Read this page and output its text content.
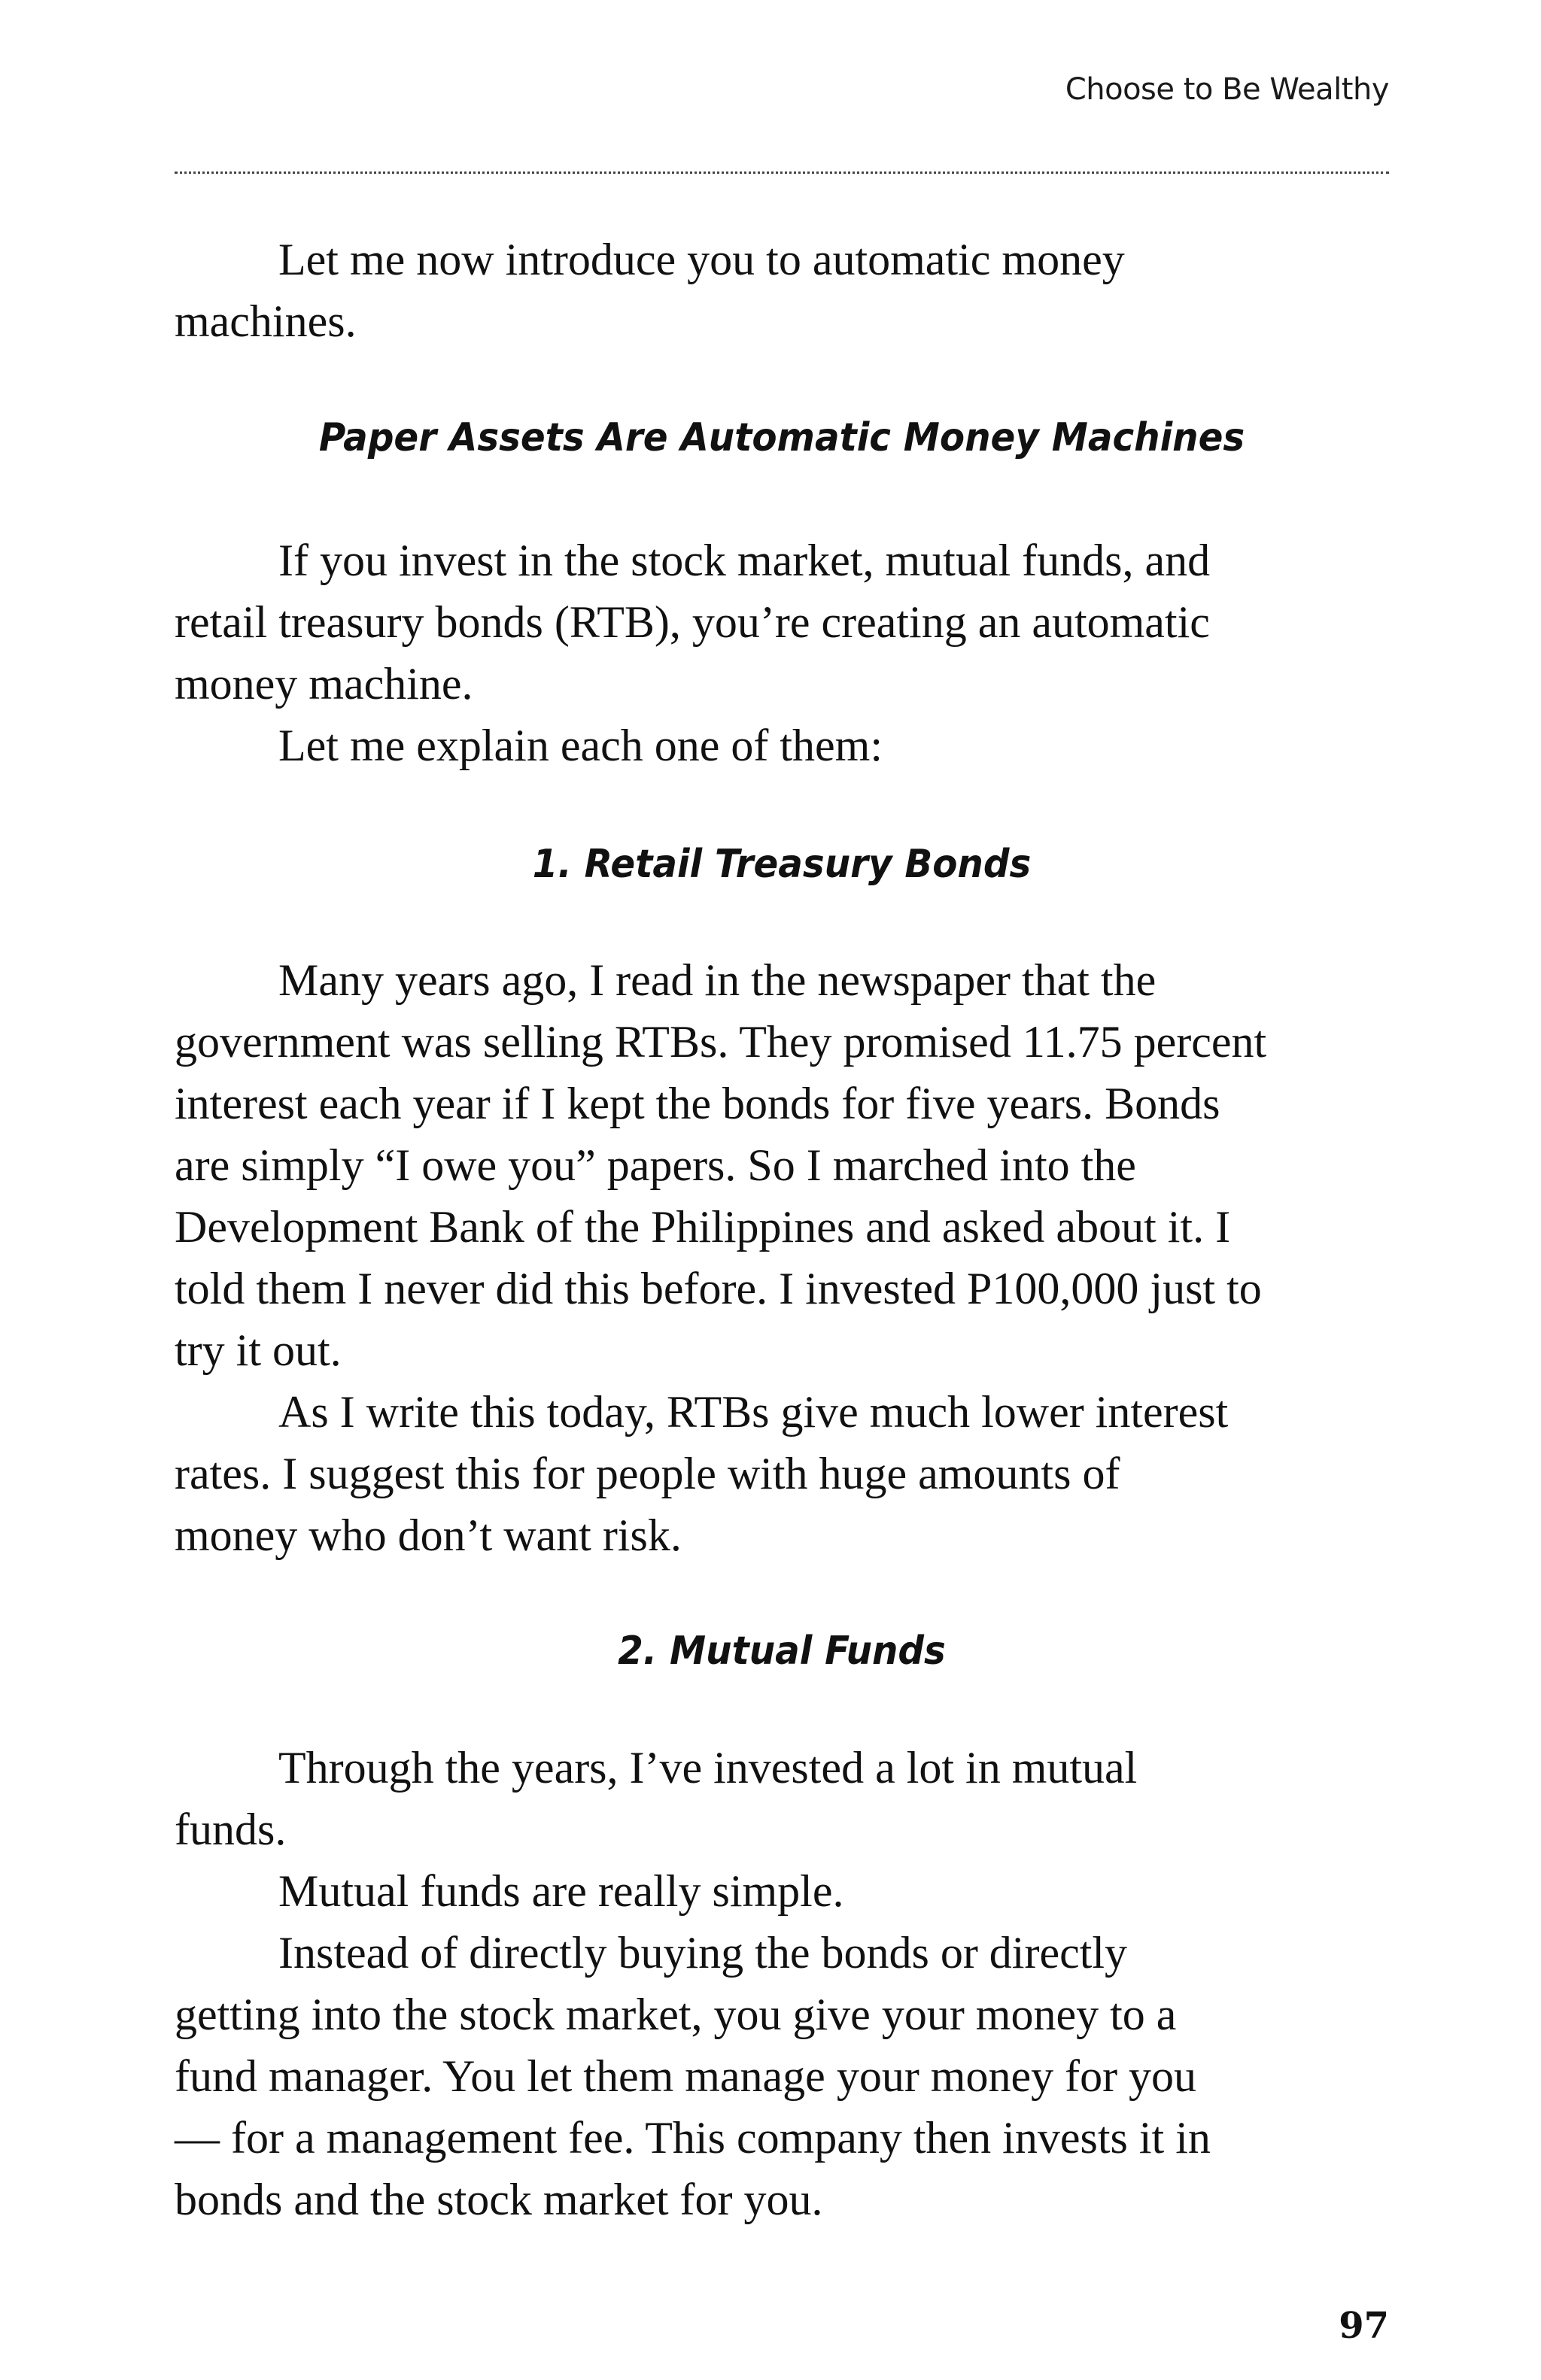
Choose to Be Wealthy
Let me now introduce you to automatic money
machines.
Paper Assets Are Automatic Money Machines
If you invest in the stock market, mutual funds, and
retail treasury bonds (RTB), you’re creating an automatic
money machine.
Let me explain each one of them:
1. Retail Treasury Bonds
Many years ago, I read in the newspaper that the
government was selling RTBs. They promised 11.75 percent
interest each year if I kept the bonds for five years. Bonds
are simply “I owe you” papers. So I marched into the
Development Bank of the Philippines and asked about it. I
told them I never did this before. I invested P100,000 just to
try it out.
As I write this today, RTBs give much lower interest
rates. I suggest this for people with huge amounts of
money who don’t want risk.
2. Mutual Funds
Through the years, I’ve invested a lot in mutual
funds.
Mutual funds are really simple.
Instead of directly buying the bonds or directly
getting into the stock market, you give your money to a
fund manager. You let them manage your money for you
— for a management fee. This company then invests it in
bonds and the stock market for you.
97
